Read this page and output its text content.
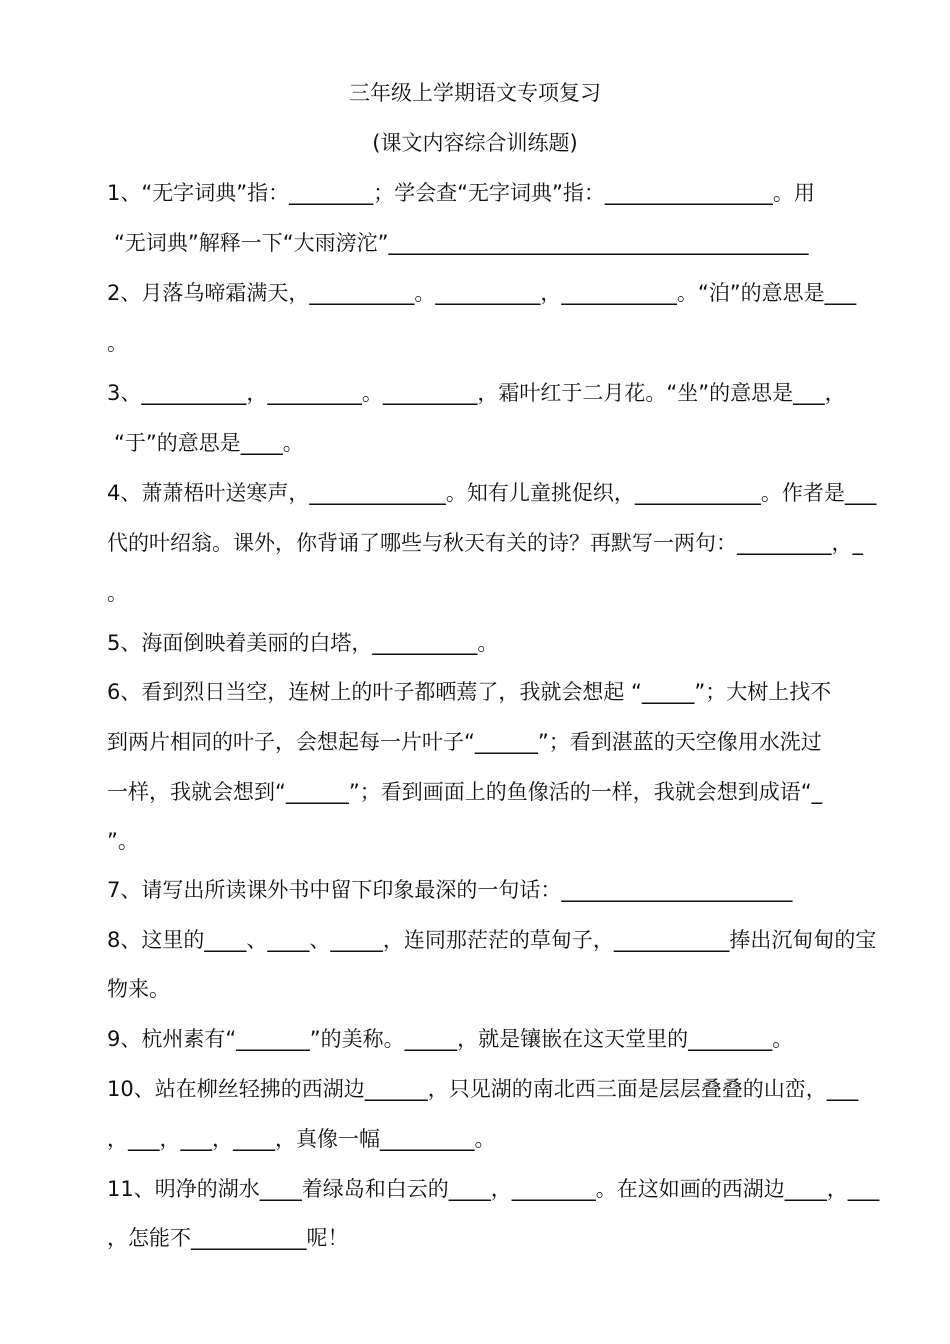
三年级上学期语文专项复习
(课文内容综合训练题)
1、“无字词典”指：________；学会查“无字词典”指：________________。用
“无词典”解释一下“大雨滂沱”________________________________________
2、月落乌啼霜满天，__________。__________，___________。“泊”的意思是___
。
3、__________，_________。_________，霜叶红于二月花。“坐”的意思是___，
“于”的意思是____。
4、萧萧梧叶送寒声，_____________。知有儿童挑促织，____________。作者是___
代的叶绍翁。课外，你背诵了哪些与秋天有关的诗？再默写一两句：_________，_
。
5、海面倒映着美丽的白塔，__________。
6、看到烈日当空，连树上的叶子都晒蔫了，我就会想起 “_____”；大树上找不
到两片相同的叶子，会想起每一片叶子“______”；看到湛蓝的天空像用水洗过
一样，我就会想到“______”；看到画面上的鱼像活的一样，我就会想到成语“_
”。
7、请写出所读课外书中留下印象最深的一句话：______________________
8、这里的____、____、_____，连同那茫茫的草甸子，___________捧出沉甸甸的宝
物来。
9、杭州素有“_______”的美称。_____，就是镶嵌在这天堂里的________。
10、站在柳丝轻拂的西湖边______，只见湖的南北西三面是层层叠叠的山峦，___
，___，___，____，真像一幅_________。
11、明净的湖水____着绿岛和白云的____，________。在这如画的西湖边____，___
，怎能不___________呢！
